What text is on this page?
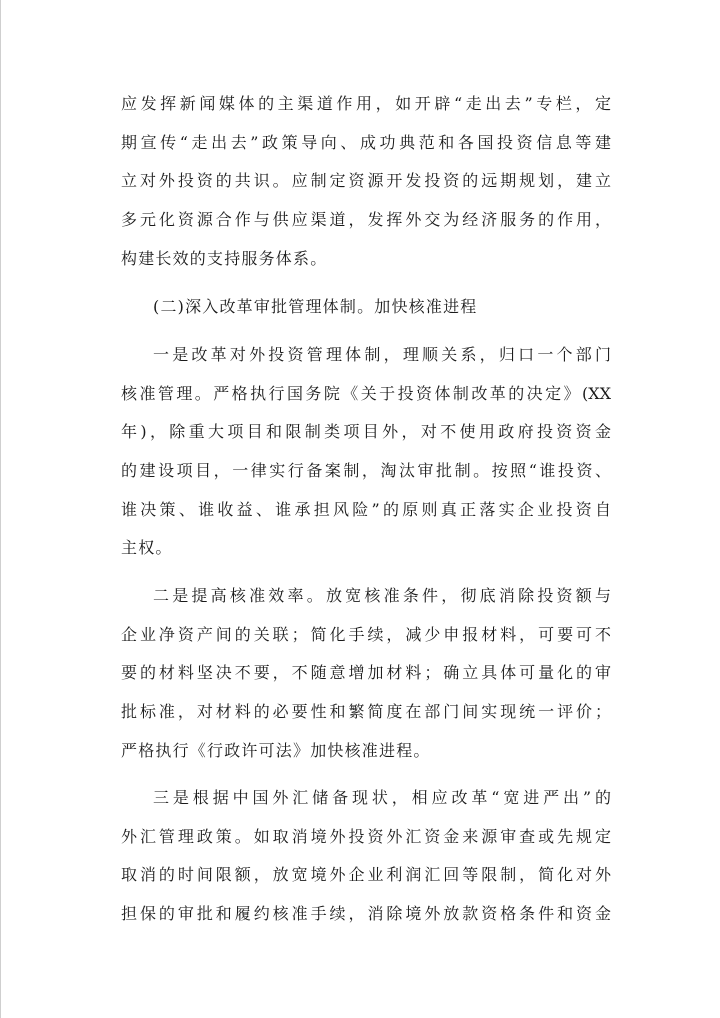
应发挥新闻媒体的主渠道作用，如开辟“走出去”专栏，定
期宣传“走出去”政策导向、成功典范和各国投资信息等建
立对外投资的共识。应制定资源开发投资的远期规划，建立
多元化资源合作与供应渠道，发挥外交为经济服务的作用，
构建长效的支持服务体系。
(二)深入改革审批管理体制。加快核准进程
一是改革对外投资管理体制，理顺关系，归口一个部门
核准管理。严格执行国务院《关于投资体制改革的决定》(XX
年)，除重大项目和限制类项目外，对不使用政府投资资金
的建设项目，一律实行备案制，淘汰审批制。按照“谁投资、
谁决策、谁收益、谁承担风险”的原则真正落实企业投资自
主权。
二是提高核准效率。放宽核准条件，彻底消除投资额与
企业净资产间的关联；简化手续，减少申报材料，可要可不
要的材料坚决不要，不随意增加材料；确立具体可量化的审
批标准，对材料的必要性和繁简度在部门间实现统一评价；
严格执行《行政许可法》加快核准进程。
三是根据中国外汇储备现状，相应改革“宽进严出”的
外汇管理政策。如取消境外投资外汇资金来源审查或先规定
取消的时间限额，放宽境外企业利润汇回等限制，简化对外
担保的审批和履约核准手续，消除境外放款资格条件和资金
